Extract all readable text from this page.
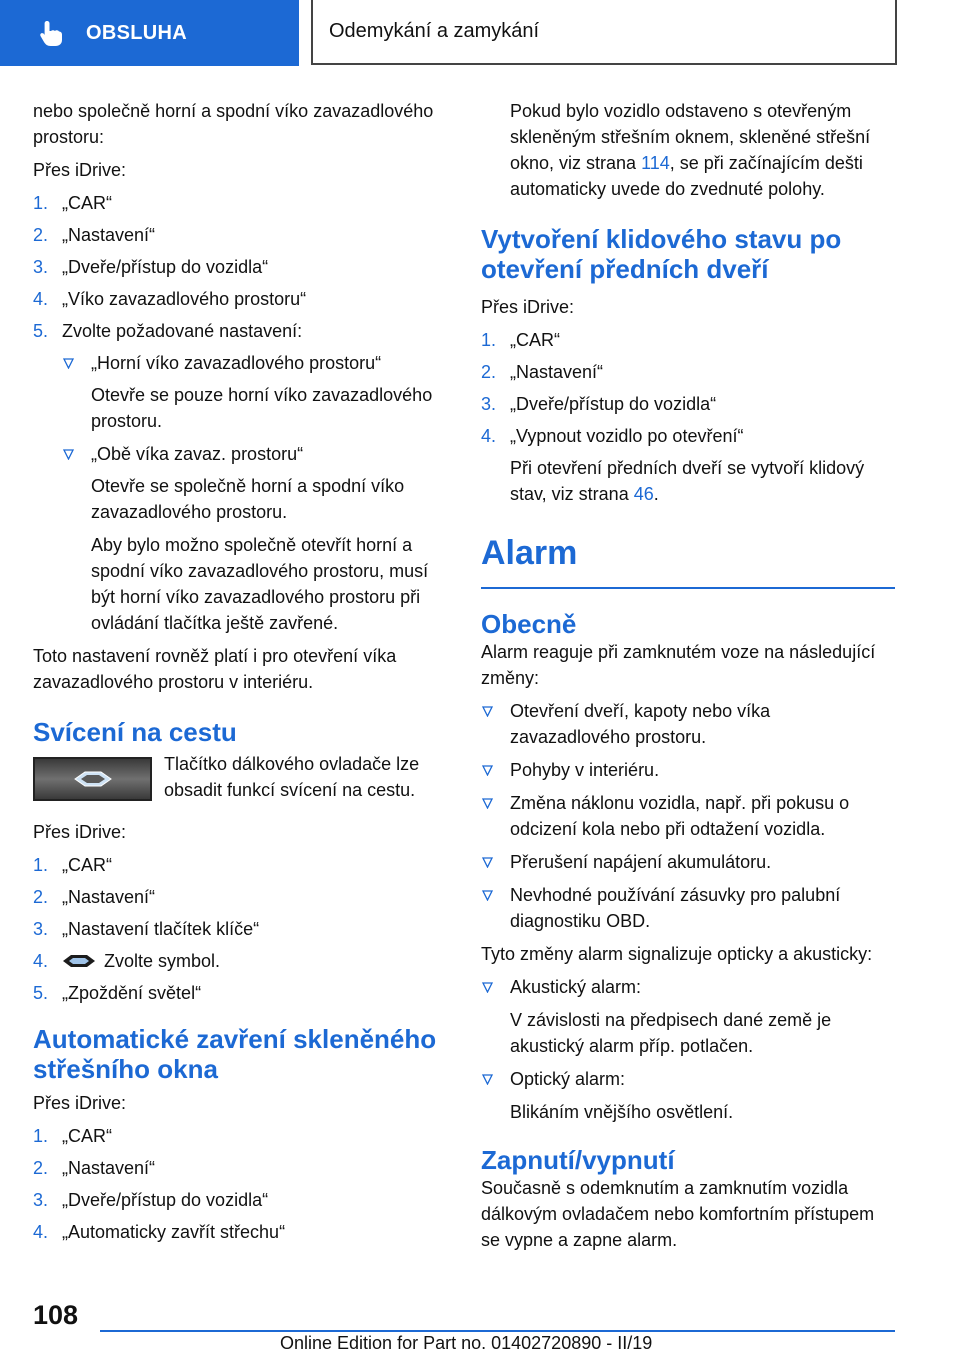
OBSLUHA	Odemykání a zamykání

nebo společně horní a spodní víko zavazadlového prostoru:

Přes iDrive:

1. „CAR“
2. „Nastavení“
3. „Dveře/přístup do vozidla“
4. „Víko zavazadlového prostoru“
5. Zvolte požadované nastavení:
„Horní víko zavazadlového prostoru“
Otevře se pouze horní víko zavazadlového prostoru.
„Obě víka zavaz. prostoru“
Otevře se společně horní a spodní víko zavazadlového prostoru.
Aby bylo možno společně otevřít horní a spodní víko zavazadlového prostoru, musí být horní víko zavazadlového prostoru při ovládání tlačítka ještě zavřené.

Toto nastavení rovněž platí i pro otevření víka zavazadlového prostoru v interiéru.

Svícení na cestu
Tlačítko dálkového ovladače lze obsadit funkcí svícení na cestu.

Přes iDrive:

1. „CAR“
2. „Nastavení“
3. „Nastavení tlačítek klíče“
4.	Zvolte symbol.
5. „Zpoždění světel“
Automatické zavření skleněného střešního okna

Přes iDrive:

1. „CAR“
2. „Nastavení“
3. „Dveře/přístup do vozidla“
4. „Automaticky zavřít střechu“

Pokud bylo vozidlo odstaveno s otevřeným skleněným střešním oknem, skleněné střešní okno, viz strana 114, se při začínajícím dešti automaticky uvede do zvednuté polohy.

Vytvoření klidového stavu po otevření předních dveří

Přes iDrive:

1. „CAR“
2. „Nastavení“
3. „Dveře/přístup do vozidla“
4. „Vypnout vozidlo po otevření“

Při otevření předních dveří se vytvoří klidový stav, viz strana 46.

Alarm
Obecně

Alarm reaguje při zamknutém voze na následující změny:

Otevření dveří, kapoty nebo víka zavazadlového prostoru.
Pohyby v interiéru.
Změna náklonu vozidla, např. při pokusu o odcizení kola nebo při odtažení vozidla.
Přerušení napájení akumulátoru.
Nevhodné používání zásuvky pro palubní diagnostiku OBD.

Tyto změny alarm signalizuje opticky a akusticky:

Akustický alarm:
V závislosti na předpisech dané země je akustický alarm příp. potlačen.
Optický alarm:
Blikáním vnějšího osvětlení.
Zapnutí/vypnutí

Současně s odemknutím a zamknutím vozidla dálkovým ovladačem nebo komfortním přístupem se vypne a zapne alarm.

108
Online Edition for Part no. 01402720890 - II/19
